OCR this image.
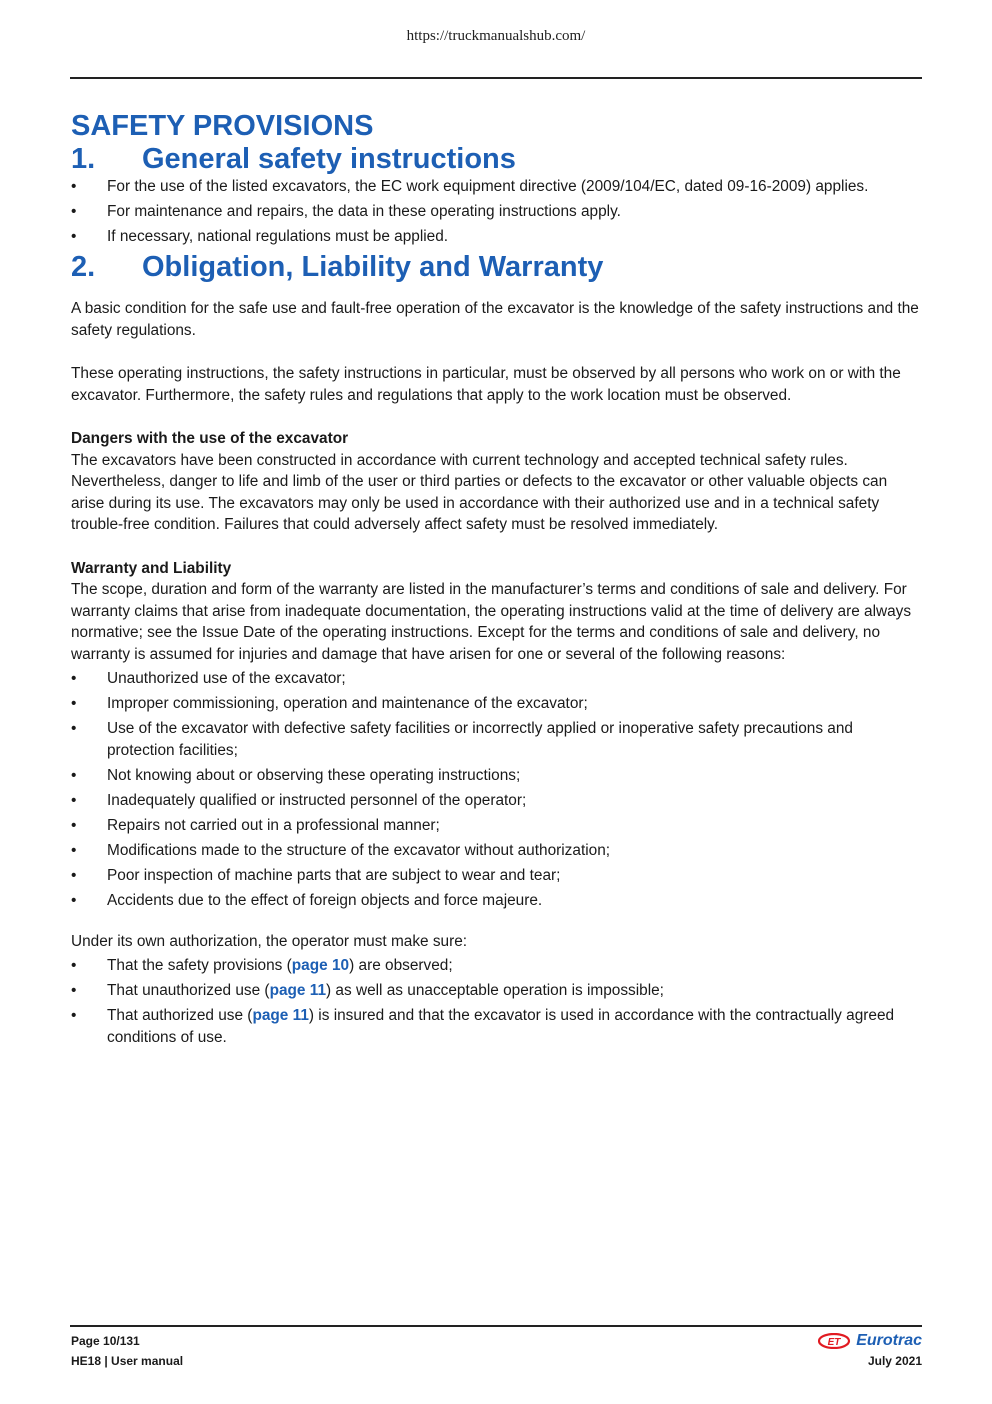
https://truckmanualshub.com/
SAFETY PROVISIONS
1.	General safety instructions
• For the use of the listed excavators, the EC work equipment directive (2009/104/EC, dated 09-16-2009) applies.
• For maintenance and repairs, the data in these operating instructions apply.
• If necessary, national regulations must be applied.
2.	Obligation, Liability and Warranty

A basic condition for the safe use and fault-free operation of the excavator is the knowledge of the safety instructions and the safety regulations.

These operating instructions, the safety instructions in particular, must be observed by all persons who work on or with the excavator. Furthermore, the safety rules and regulations that apply to the work location must be observed.

Dangers with the use of the excavator

The excavators have been constructed in accordance with current technology and accepted technical safety rules. Nevertheless, danger to life and limb of the user or third parties or defects to the excavator or other valuable objects can arise during its use. The excavators may only be used in accordance with their authorized use and in a technical safety trouble-free condition. Failures that could adversely affect safety must be resolved immediately.

Warranty and Liability

The scope, duration and form of the warranty are listed in the manufacturer’s terms and conditions of sale and delivery. For warranty claims that arise from inadequate documentation, the operating instructions valid at the time of delivery are always normative; see the Issue Date of the operating instructions. Except for the terms and conditions of sale and delivery, no warranty is assumed for injuries and damage that have arisen for one or several of the following reasons:

• Unauthorized use of the excavator;
• Improper commissioning, operation and maintenance of the excavator;
• Use of the excavator with defective safety facilities or incorrectly applied or inoperative safety precautions and protection facilities;
• Not knowing about or observing these operating instructions;
• Inadequately qualified or instructed personnel of the operator;
• Repairs not carried out in a professional manner;
• Modifications made to the structure of the excavator without authorization;
• Poor inspection of machine parts that are subject to wear and tear;
• Accidents due to the effect of foreign objects and force majeure.

Under its own authorization, the operator must make sure:

• That the safety provisions (page 10) are observed;
• That unauthorized use (page 11) as well as unacceptable operation is impossible;
• That authorized use (page 11) is insured and that the excavator is used in accordance with the contractually agreed conditions of use.
Page 10/131
HE18 | User manual
ET Eurotrac
July 2021
